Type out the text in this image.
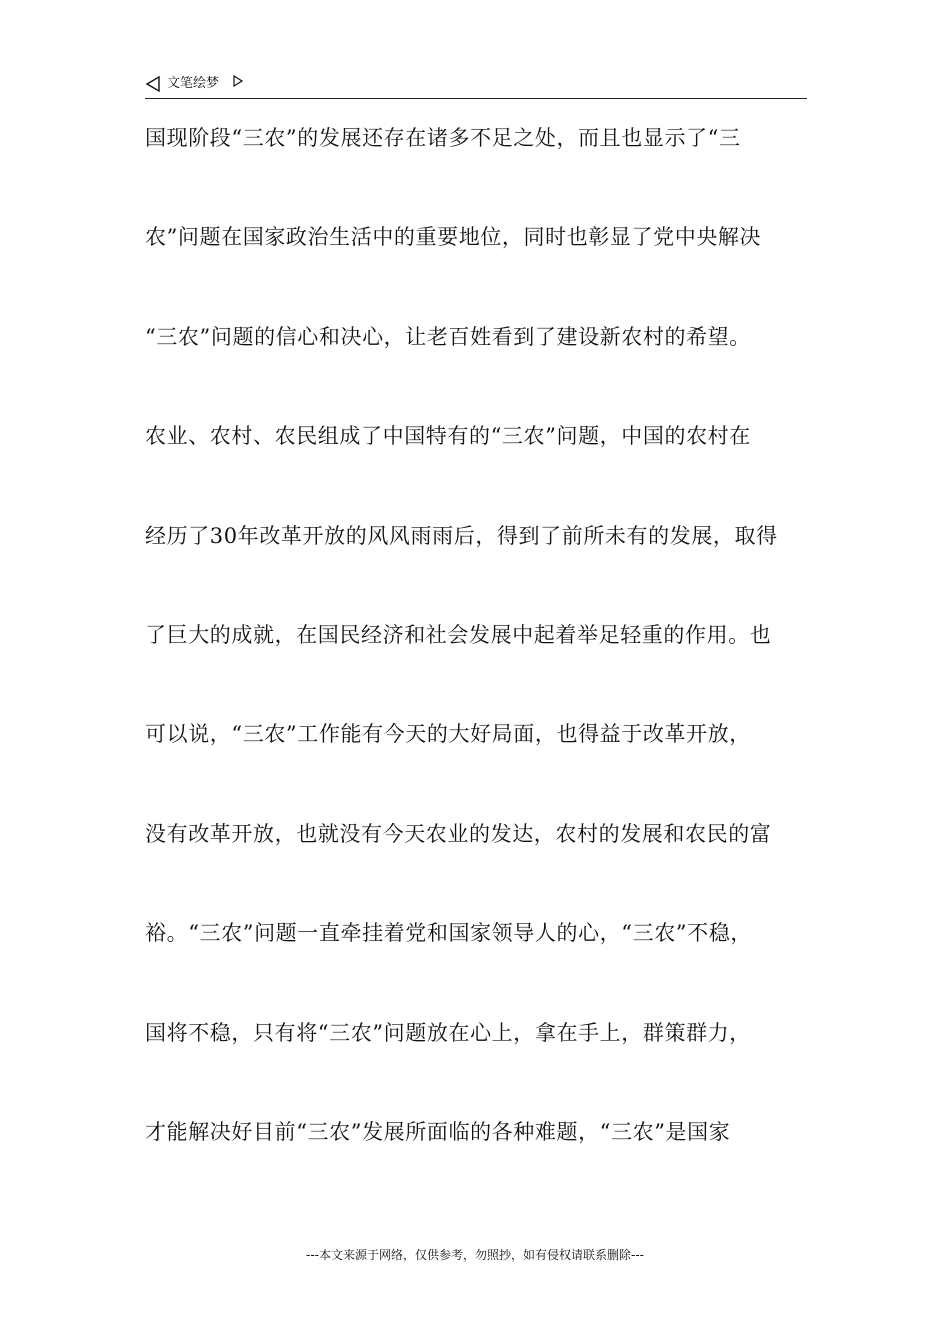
文笔绘梦
国现阶段“三农”的发展还存在诸多不足之处，而且也显示了“三
农”问题在国家政治生活中的重要地位，同时也彰显了党中央解决
“三农”问题的信心和决心，让老百姓看到了建设新农村的希望。
农业、农村、农民组成了中国特有的“三农”问题，中国的农村在
经历了30年改革开放的风风雨雨后，得到了前所未有的发展，取得
了巨大的成就，在国民经济和社会发展中起着举足轻重的作用。也
可以说，“三农”工作能有今天的大好局面，也得益于改革开放，
没有改革开放，也就没有今天农业的发达，农村的发展和农民的富
裕。“三农”问题一直牵挂着党和国家领导人的心，“三农”不稳，
国将不稳，只有将“三农”问题放在心上，拿在手上，群策群力，
才能解决好目前“三农”发展所面临的各种难题，“三农”是国家
---本文来源于网络，仅供参考，勿照抄，如有侵权请联系删除---
